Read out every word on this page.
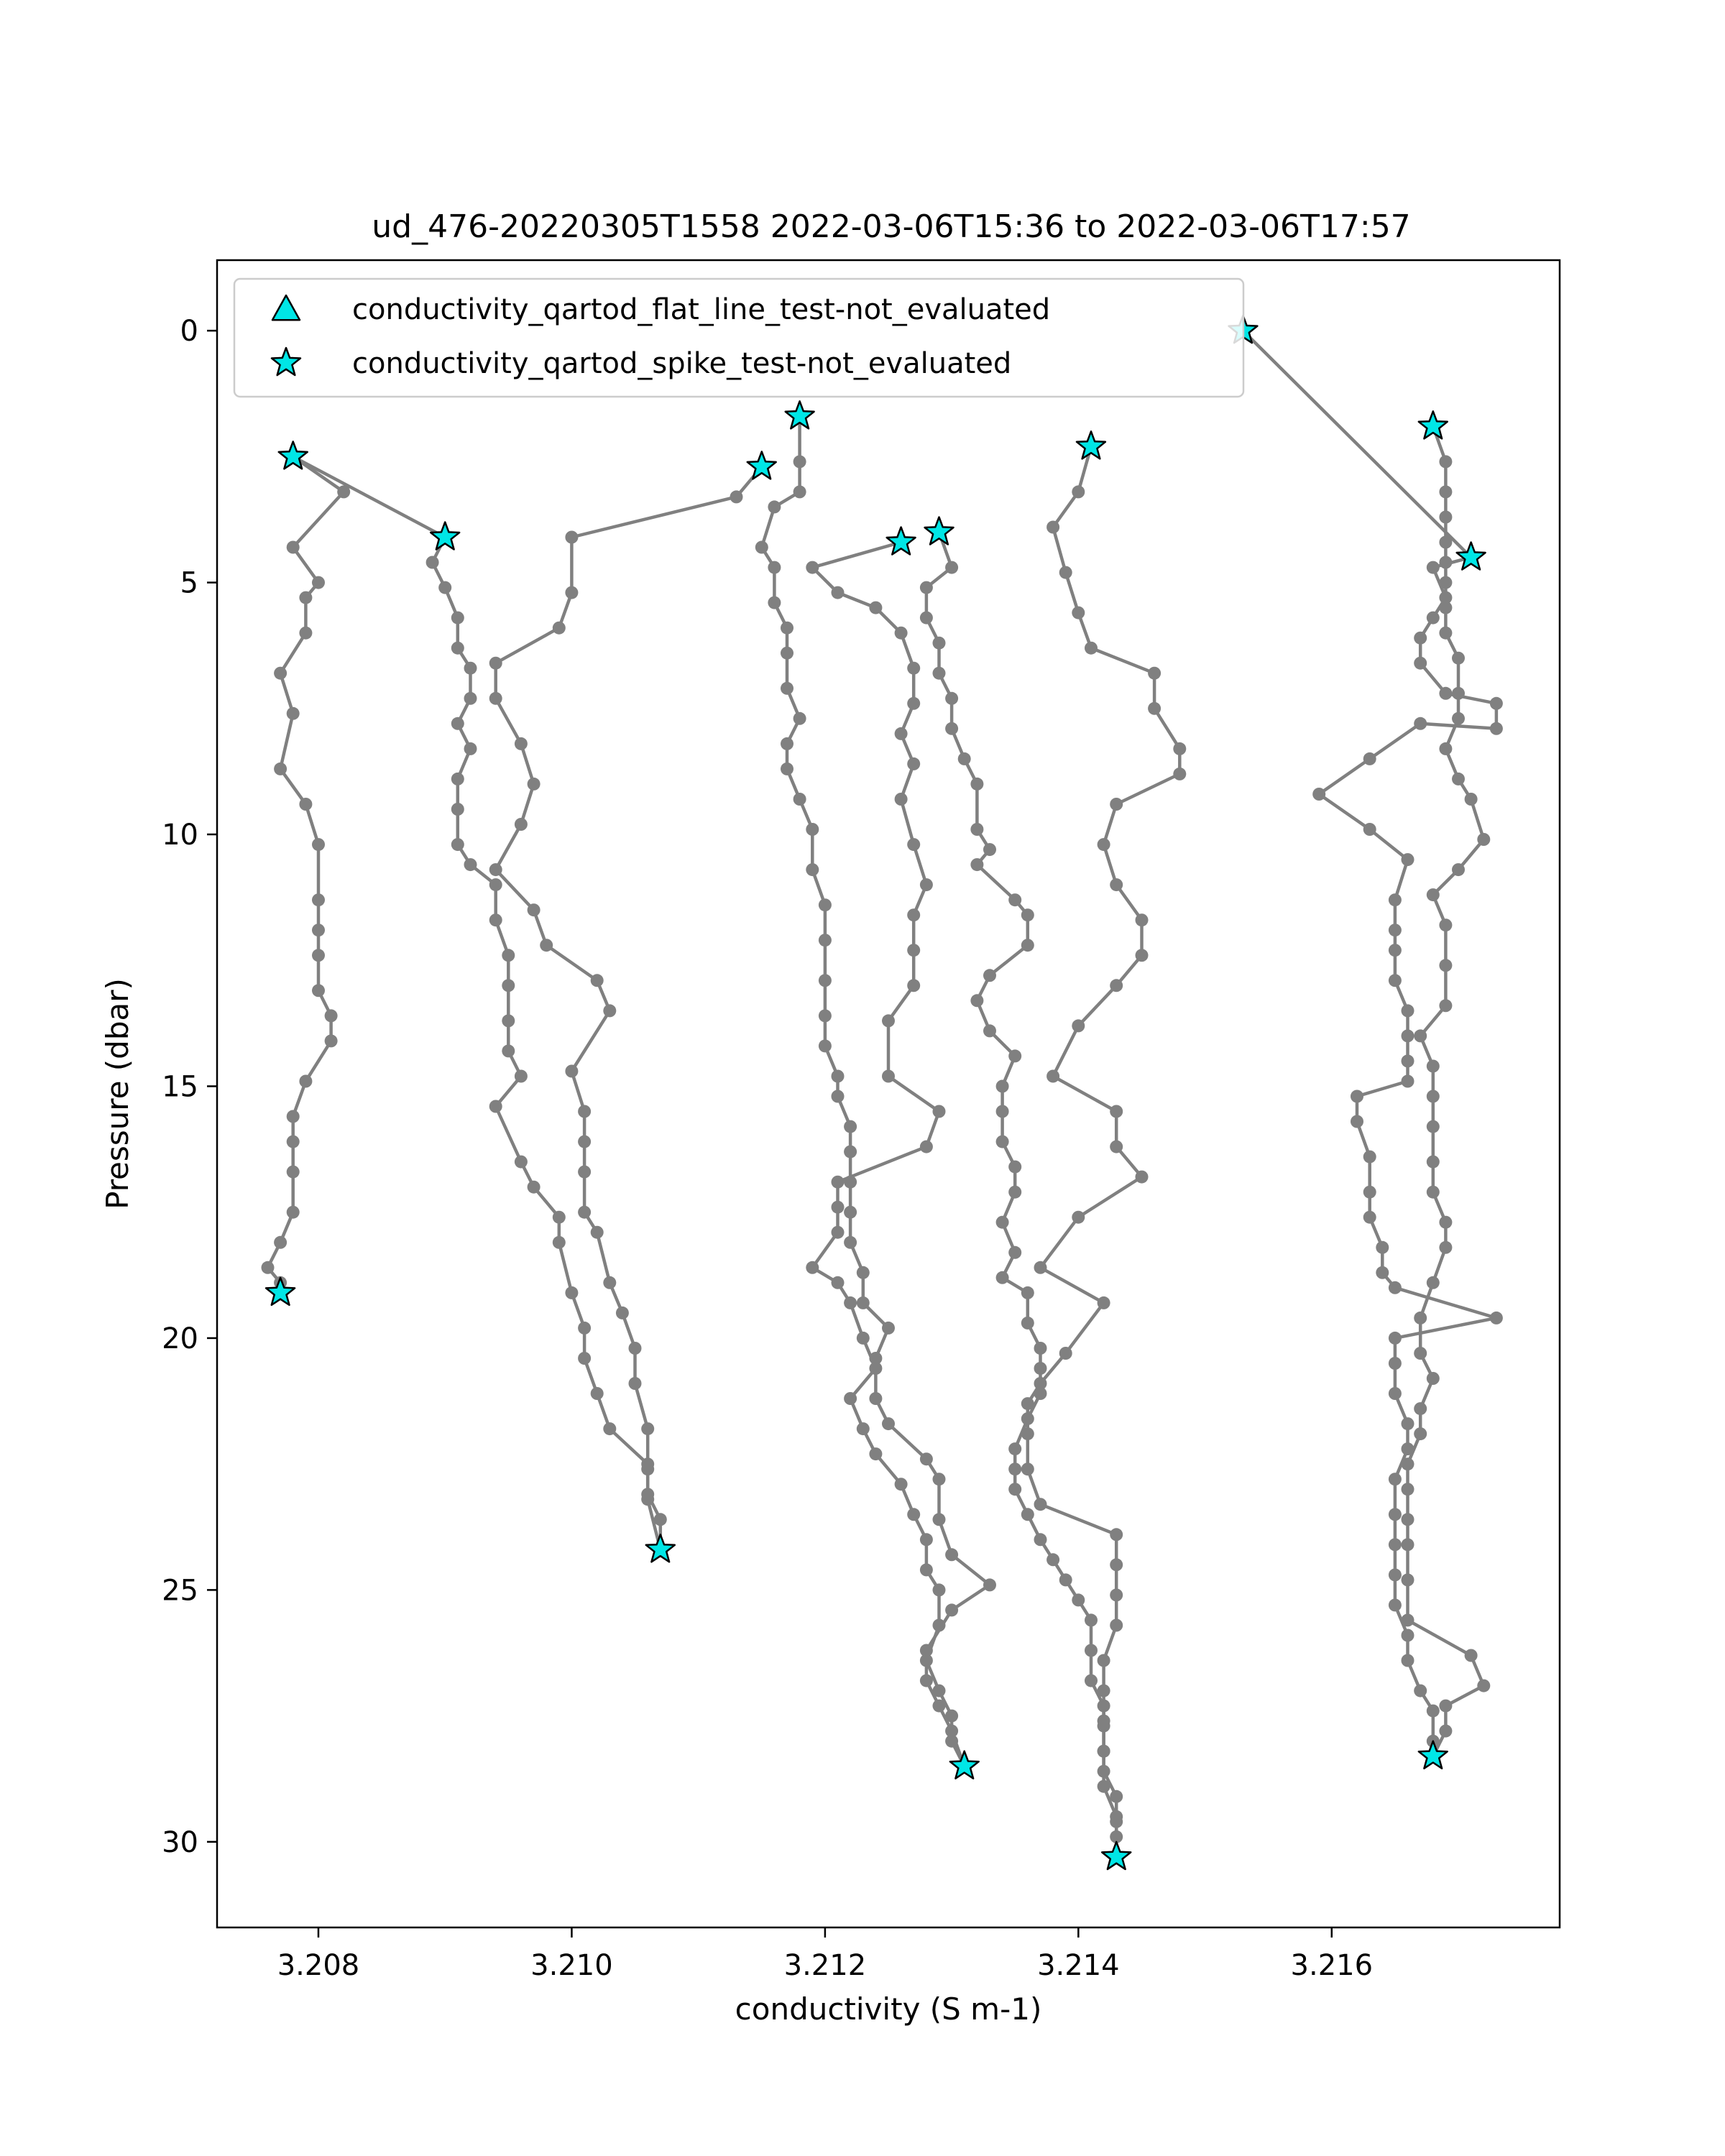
ud_476-20220305T1558 2022-03-06T15:36 to 2022-03-06T17:57
3.208	3.210	3.212	3.214	3.216
0
5
10
15
20
25
30
conductivity (S m-1)
Pressure (dbar)
conductivity_qartod_flat_line_test-not_evaluated
conductivity_qartod_spike_test-not_evaluated
